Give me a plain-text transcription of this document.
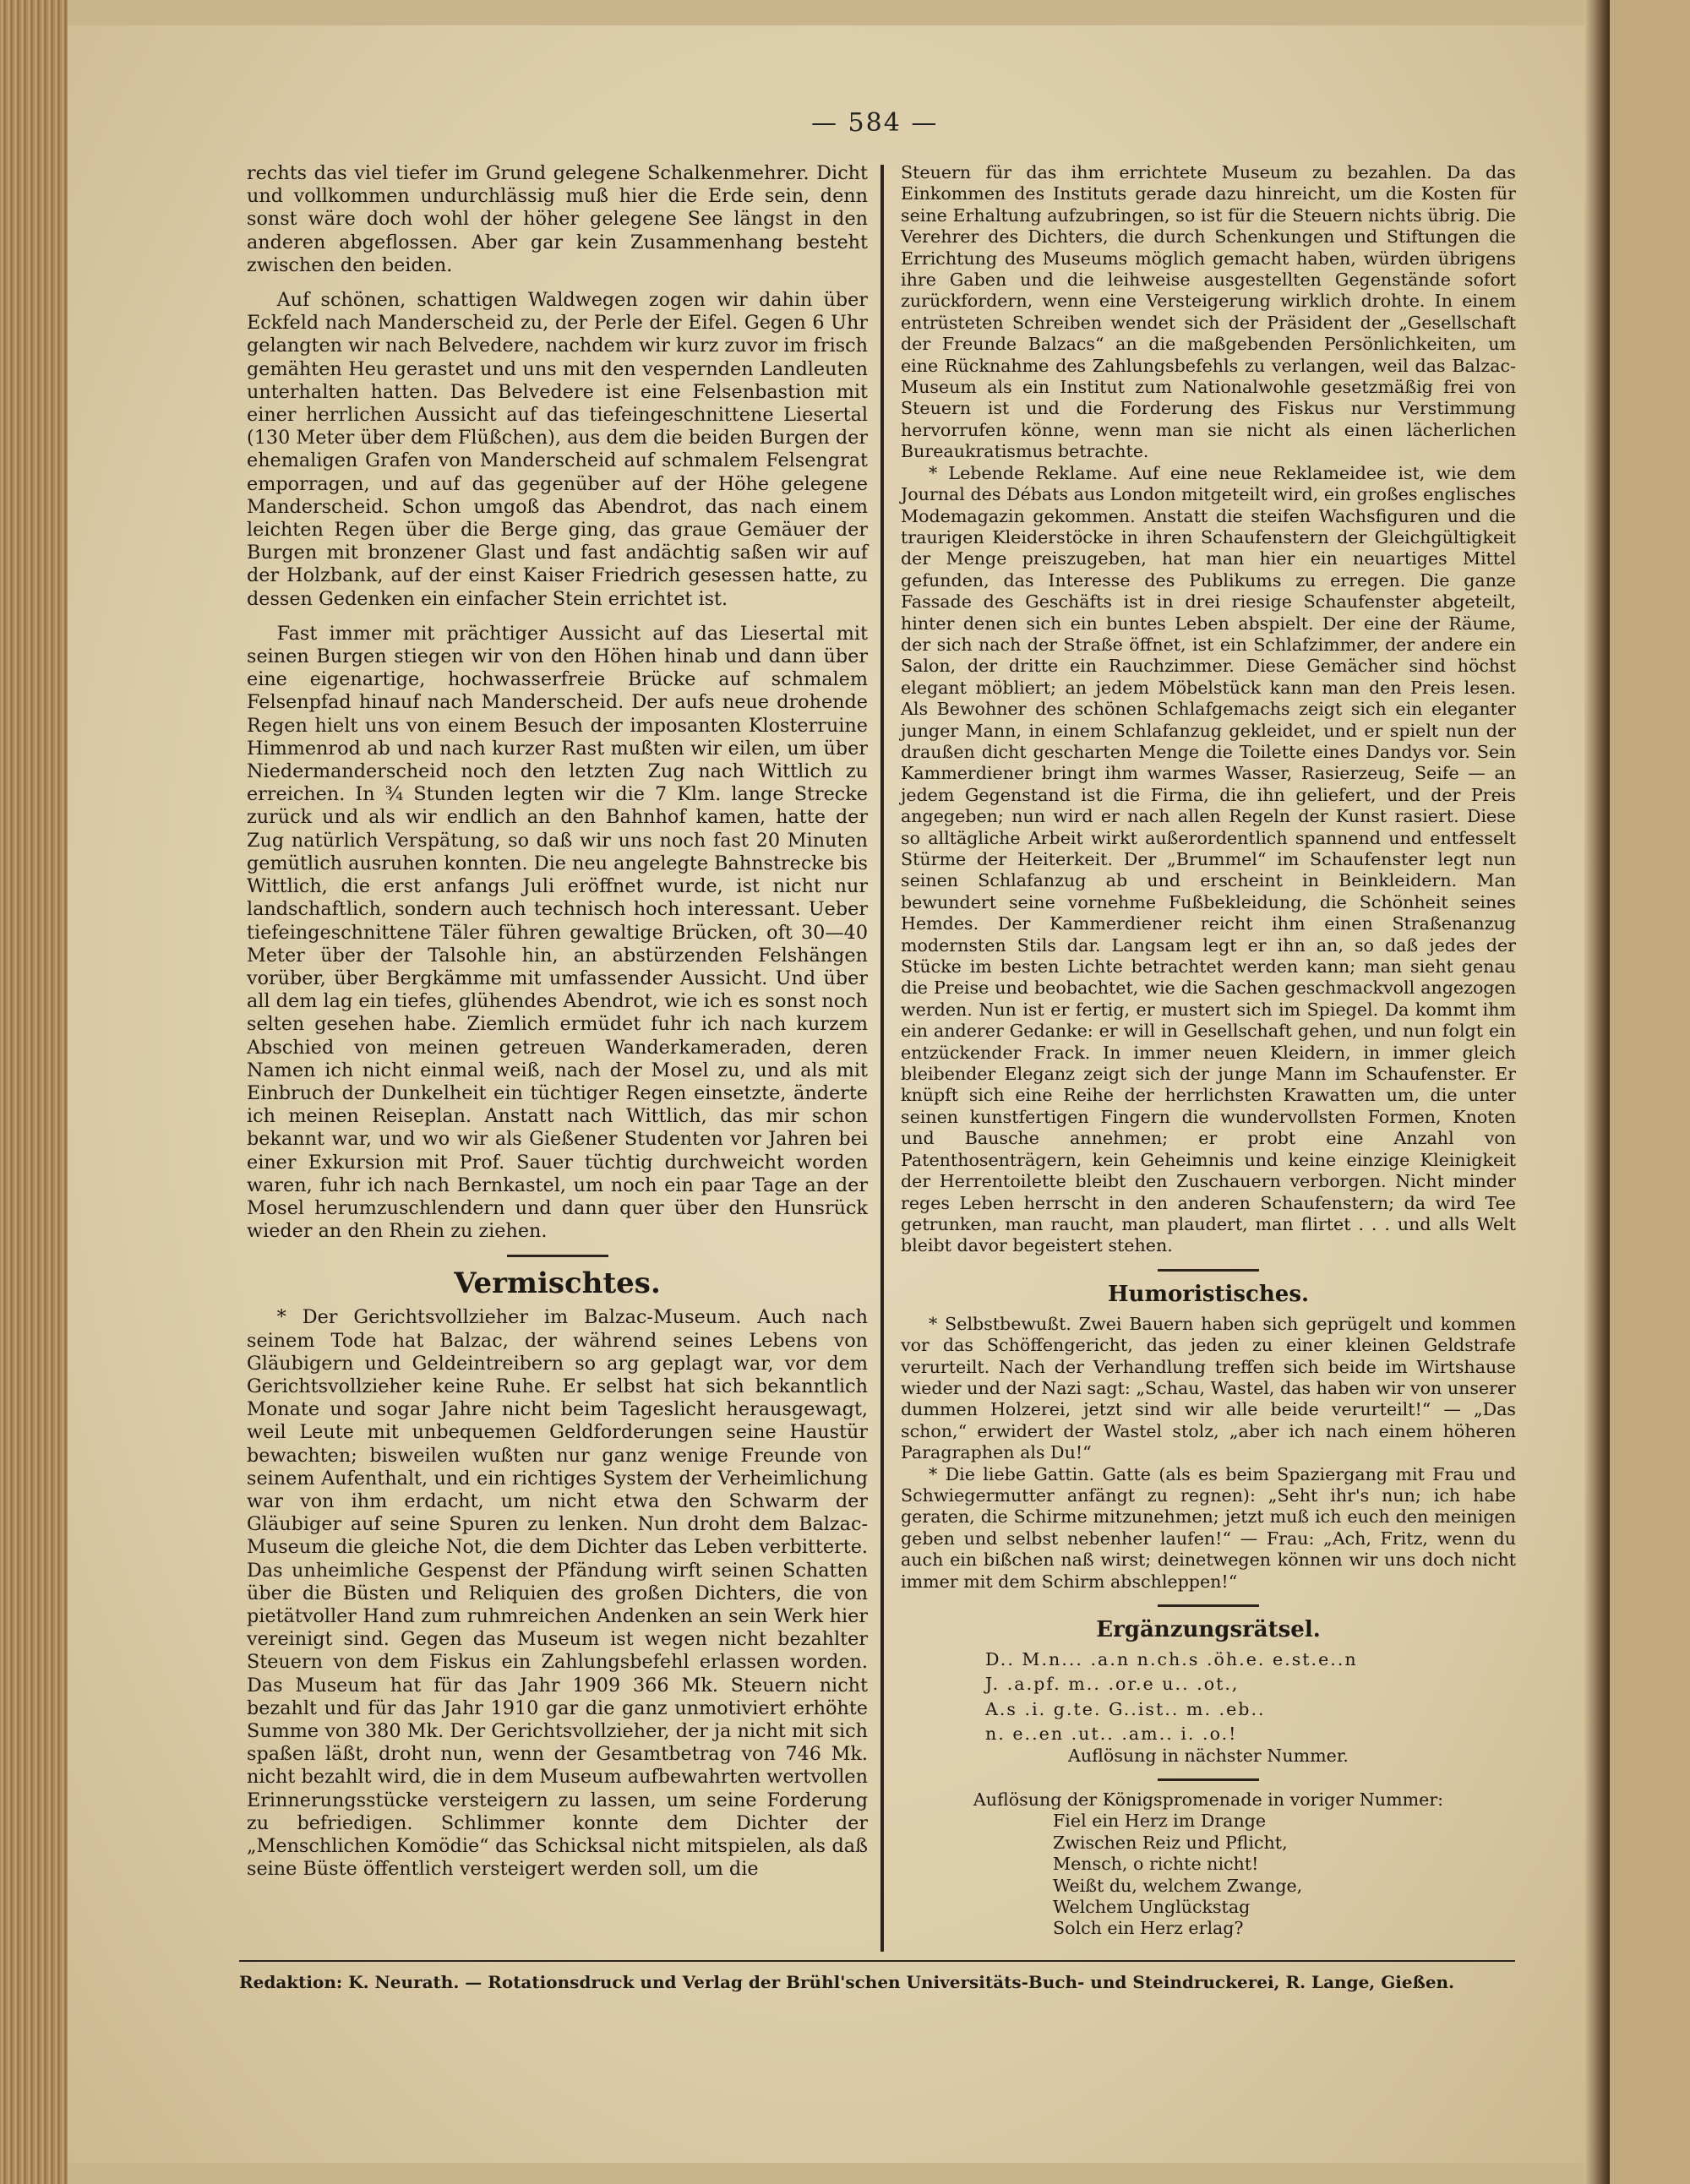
— 584 —

rechts das viel tiefer im Grund gelegene Schalkenmehrer. Dicht und vollkommen undurchlässig muß hier die Erde sein, denn sonst wäre doch wohl der höher gelegene See längst in den anderen abgeflossen. Aber gar kein Zusammenhang besteht zwischen den beiden.

Auf schönen, schattigen Waldwegen zogen wir dahin über Eckfeld nach Manderscheid zu, der Perle der Eifel. Gegen 6 Uhr gelangten wir nach Belvedere, nachdem wir kurz zuvor im frisch gemähten Heu gerastet und uns mit den vespernden Landleuten unterhalten hatten. Das Belvedere ist eine Felsenbastion mit einer herrlichen Aussicht auf das tiefeingeschnittene Liesertal (130 Meter über dem Flüßchen), aus dem die beiden Burgen der ehemaligen Grafen von Manderscheid auf schmalem Felsengrat emporragen, und auf das gegenüber auf der Höhe gelegene Manderscheid. Schon umgoß das Abendrot, das nach einem leichten Regen über die Berge ging, das graue Gemäuer der Burgen mit bronzener Glast und fast andächtig saßen wir auf der Holzbank, auf der einst Kaiser Friedrich gesessen hatte, zu dessen Gedenken ein einfacher Stein errichtet ist.

Fast immer mit prächtiger Aussicht auf das Liesertal mit seinen Burgen stiegen wir von den Höhen hinab und dann über eine eigenartige, hochwasserfreie Brücke auf schmalem Felsenpfad hinauf nach Manderscheid. Der aufs neue drohende Regen hielt uns von einem Besuch der imposanten Klosterruine Himmenrod ab und nach kurzer Rast mußten wir eilen, um über Niedermanderscheid noch den letzten Zug nach Wittlich zu erreichen. In ¾ Stunden legten wir die 7 Klm. lange Strecke zurück und als wir endlich an den Bahnhof kamen, hatte der Zug natürlich Verspätung, so daß wir uns noch fast 20 Minuten gemütlich ausruhen konnten. Die neu angelegte Bahnstrecke bis Wittlich, die erst anfangs Juli eröffnet wurde, ist nicht nur landschaftlich, sondern auch technisch hoch interessant. Ueber tiefeingeschnittene Täler führen gewaltige Brücken, oft 30—40 Meter über der Talsohle hin, an abstürzenden Felshängen vorüber, über Bergkämme mit umfassender Aussicht. Und über all dem lag ein tiefes, glühendes Abendrot, wie ich es sonst noch selten gesehen habe. Ziemlich ermüdet fuhr ich nach kurzem Abschied von meinen getreuen Wanderkameraden, deren Namen ich nicht einmal weiß, nach der Mosel zu, und als mit Einbruch der Dunkelheit ein tüchtiger Regen einsetzte, änderte ich meinen Reiseplan. Anstatt nach Wittlich, das mir schon bekannt war, und wo wir als Gießener Studenten vor Jahren bei einer Exkursion mit Prof. Sauer tüchtig durchweicht worden waren, fuhr ich nach Bernkastel, um noch ein paar Tage an der Mosel herumzuschlendern und dann quer über den Hunsrück wieder an den Rhein zu ziehen.

Vermischtes.

* Der Gerichtsvollzieher im Balzac-Museum. Auch nach seinem Tode hat Balzac, der während seines Lebens von Gläubigern und Geldeintreibern so arg geplagt war, vor dem Gerichtsvollzieher keine Ruhe. Er selbst hat sich bekanntlich Monate und sogar Jahre nicht beim Tageslicht herausgewagt, weil Leute mit unbequemen Geldforderungen seine Haustür bewachten; bisweilen wußten nur ganz wenige Freunde von seinem Aufenthalt, und ein richtiges System der Verheimlichung war von ihm erdacht, um nicht etwa den Schwarm der Gläubiger auf seine Spuren zu lenken. Nun droht dem Balzac-Museum die gleiche Not, die dem Dichter das Leben verbitterte. Das unheimliche Gespenst der Pfändung wirft seinen Schatten über die Büsten und Reliquien des großen Dichters, die von pietätvoller Hand zum ruhmreichen Andenken an sein Werk hier vereinigt sind. Gegen das Museum ist wegen nicht bezahlter Steuern von dem Fiskus ein Zahlungsbefehl erlassen worden. Das Museum hat für das Jahr 1909 366 Mk. Steuern nicht bezahlt und für das Jahr 1910 gar die ganz unmotiviert erhöhte Summe von 380 Mk. Der Gerichtsvollzieher, der ja nicht mit sich spaßen läßt, droht nun, wenn der Gesamtbetrag von 746 Mk. nicht bezahlt wird, die in dem Museum aufbewahrten wertvollen Erinnerungsstücke versteigern zu lassen, um seine Forderung zu befriedigen. Schlimmer konnte dem Dichter der „Menschlichen Komödie“ das Schicksal nicht mitspielen, als daß seine Büste öffentlich versteigert werden soll, um die

Steuern für das ihm errichtete Museum zu bezahlen. Da das Einkommen des Instituts gerade dazu hinreicht, um die Kosten für seine Erhaltung aufzubringen, so ist für die Steuern nichts übrig. Die Verehrer des Dichters, die durch Schenkungen und Stiftungen die Errichtung des Museums möglich gemacht haben, würden übrigens ihre Gaben und die leihweise ausgestellten Gegenstände sofort zurückfordern, wenn eine Versteigerung wirklich drohte. In einem entrüsteten Schreiben wendet sich der Präsident der „Gesellschaft der Freunde Balzacs“ an die maßgebenden Persönlichkeiten, um eine Rücknahme des Zahlungsbefehls zu verlangen, weil das Balzac-Museum als ein Institut zum Nationalwohle gesetzmäßig frei von Steuern ist und die Forderung des Fiskus nur Verstimmung hervorrufen könne, wenn man sie nicht als einen lächerlichen Bureaukratismus betrachte.

* Lebende Reklame. Auf eine neue Reklameidee ist, wie dem Journal des Débats aus London mitgeteilt wird, ein großes englisches Modemagazin gekommen. Anstatt die steifen Wachsfiguren und die traurigen Kleiderstöcke in ihren Schaufenstern der Gleichgültigkeit der Menge preiszugeben, hat man hier ein neuartiges Mittel gefunden, das Interesse des Publikums zu erregen. Die ganze Fassade des Geschäfts ist in drei riesige Schaufenster abgeteilt, hinter denen sich ein buntes Leben abspielt. Der eine der Räume, der sich nach der Straße öffnet, ist ein Schlafzimmer, der andere ein Salon, der dritte ein Rauchzimmer. Diese Gemächer sind höchst elegant möbliert; an jedem Möbelstück kann man den Preis lesen. Als Bewohner des schönen Schlafgemachs zeigt sich ein eleganter junger Mann, in einem Schlafanzug gekleidet, und er spielt nun der draußen dicht gescharten Menge die Toilette eines Dandys vor. Sein Kammerdiener bringt ihm warmes Wasser, Rasierzeug, Seife — an jedem Gegenstand ist die Firma, die ihn geliefert, und der Preis angegeben; nun wird er nach allen Regeln der Kunst rasiert. Diese so alltägliche Arbeit wirkt außerordentlich spannend und entfesselt Stürme der Heiterkeit. Der „Brummel“ im Schaufenster legt nun seinen Schlafanzug ab und erscheint in Beinkleidern. Man bewundert seine vornehme Fußbekleidung, die Schönheit seines Hemdes. Der Kammerdiener reicht ihm einen Straßenanzug modernsten Stils dar. Langsam legt er ihn an, so daß jedes der Stücke im besten Lichte betrachtet werden kann; man sieht genau die Preise und beobachtet, wie die Sachen geschmackvoll angezogen werden. Nun ist er fertig, er mustert sich im Spiegel. Da kommt ihm ein anderer Gedanke: er will in Gesellschaft gehen, und nun folgt ein entzückender Frack. In immer neuen Kleidern, in immer gleich bleibender Eleganz zeigt sich der junge Mann im Schaufenster. Er knüpft sich eine Reihe der herrlichsten Krawatten um, die unter seinen kunstfertigen Fingern die wundervollsten Formen, Knoten und Bausche annehmen; er probt eine Anzahl von Patenthosenträgern, kein Geheimnis und keine einzige Kleinigkeit der Herrentoilette bleibt den Zuschauern verborgen. Nicht minder reges Leben herrscht in den anderen Schaufenstern; da wird Tee getrunken, man raucht, man plaudert, man flirtet . . . und alls Welt bleibt davor begeistert stehen.

Humoristisches.

* Selbstbewußt. Zwei Bauern haben sich geprügelt und kommen vor das Schöffengericht, das jeden zu einer kleinen Geldstrafe verurteilt. Nach der Verhandlung treffen sich beide im Wirtshause wieder und der Nazi sagt: „Schau, Wastel, das haben wir von unserer dummen Holzerei, jetzt sind wir alle beide verurteilt!“ — „Das schon,“ erwidert der Wastel stolz, „aber ich nach einem höheren Paragraphen als Du!“

* Die liebe Gattin. Gatte (als es beim Spaziergang mit Frau und Schwiegermutter anfängt zu regnen): „Seht ihr's nun; ich habe geraten, die Schirme mitzunehmen; jetzt muß ich euch den meinigen geben und selbst nebenher laufen!“ — Frau: „Ach, Fritz, wenn du auch ein bißchen naß wirst; deinetwegen können wir uns doch nicht immer mit dem Schirm abschleppen!“

Ergänzungsrätsel.
D.. M.n... .a.n n.ch.s .öh.e. e.st.e..n
J. .a.pf. m.. .or.e u.. .ot.,
A.s .i. g.te. G..ist.. m. .eb..
n. e..en .ut.. .am.. i. .o.!
Auflösung in nächster Nummer.
Auflösung der Königspromenade in voriger Nummer:
Fiel ein Herz im Drange
Zwischen Reiz und Pflicht,
Mensch, o richte nicht!
Weißt du, welchem Zwange,
Welchem Unglückstag
Solch ein Herz erlag?
Redaktion: K. Neurath. — Rotationsdruck und Verlag der Brühl'schen Universitäts-Buch- und Steindruckerei, R. Lange, Gießen.
